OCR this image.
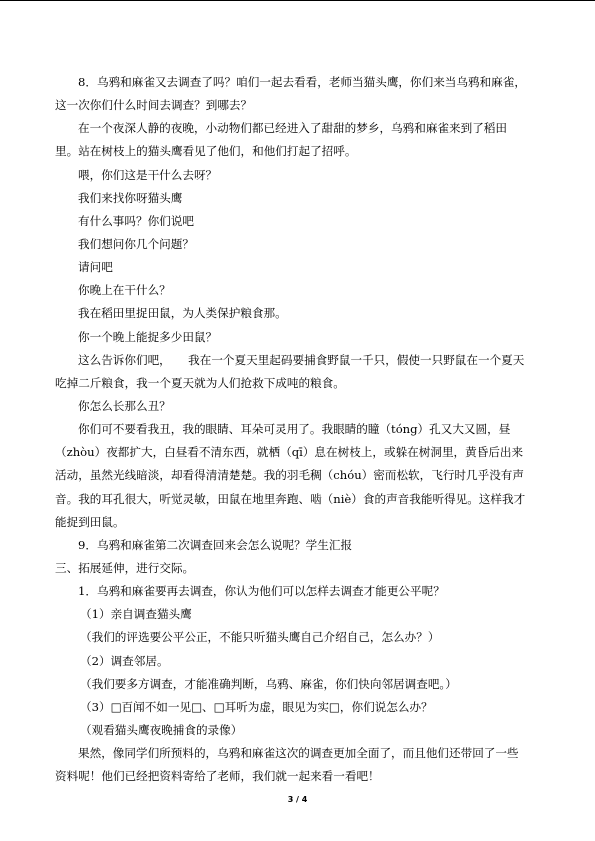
8．乌鸦和麻雀又去调查了吗？咱们一起去看看，老师当猫头鹰，你们来当乌鸦和麻雀，
这一次你们什么时间去调查？到哪去？
在一个夜深人静的夜晚，小动物们都已经进入了甜甜的梦乡，乌鸦和麻雀来到了稻田
里。站在树枝上的猫头鹰看见了他们，和他们打起了招呼。
喂，你们这是干什么去呀？
我们来找你呀猫头鹰
有什么事吗？你们说吧
我们想问你几个问题？
请问吧
你晚上在干什么？
我在稻田里捉田鼠，为人类保护粮食那。
你一个晚上能捉多少田鼠？
这么告诉你们吧，　　我在一个夏天里起码要捕食野鼠一千只，假使一只野鼠在一个夏天
吃掉二斤粮食，我一个夏天就为人们抢救下成吨的粮食。
你怎么长那么丑？
你们可不要看我丑，我的眼睛、耳朵可灵用了。我眼睛的瞳（tóng）孔又大又圆，昼
（zhòu）夜都扩大，白昼看不清东西，就栖（qī）息在树枝上，或躲在树洞里，黄昏后出来
活动，虽然光线暗淡，却看得清清楚楚。我的羽毛稠（chóu）密而松软，飞行时几乎没有声
音。我的耳孔很大，听觉灵敏，田鼠在地里奔跑、啮（niè）食的声音我能听得见。这样我才
能捉到田鼠。
9．乌鸦和麻雀第二次调查回来会怎么说呢？学生汇报
三、拓展延伸，进行交际。
1．乌鸦和麻雀要再去调查，你认为他们可以怎样去调查才能更公平呢？
（1）亲自调查猫头鹰
（我们的评选要公平公正，不能只听猫头鹰自己介绍自己，怎么办？）
（2）调查邻居。
（我们要多方调查，才能准确判断，乌鸦、麻雀，你们快向邻居调查吧。）
（3）□百闻不如一见□、□耳听为虚，眼见为实□，你们说怎么办？
（观看猫头鹰夜晚捕食的录像）
果然，像同学们所预料的，乌鸦和麻雀这次的调查更加全面了，而且他们还带回了一些
资料呢！他们已经把资料寄给了老师，我们就一起来看一看吧！
3 / 4
